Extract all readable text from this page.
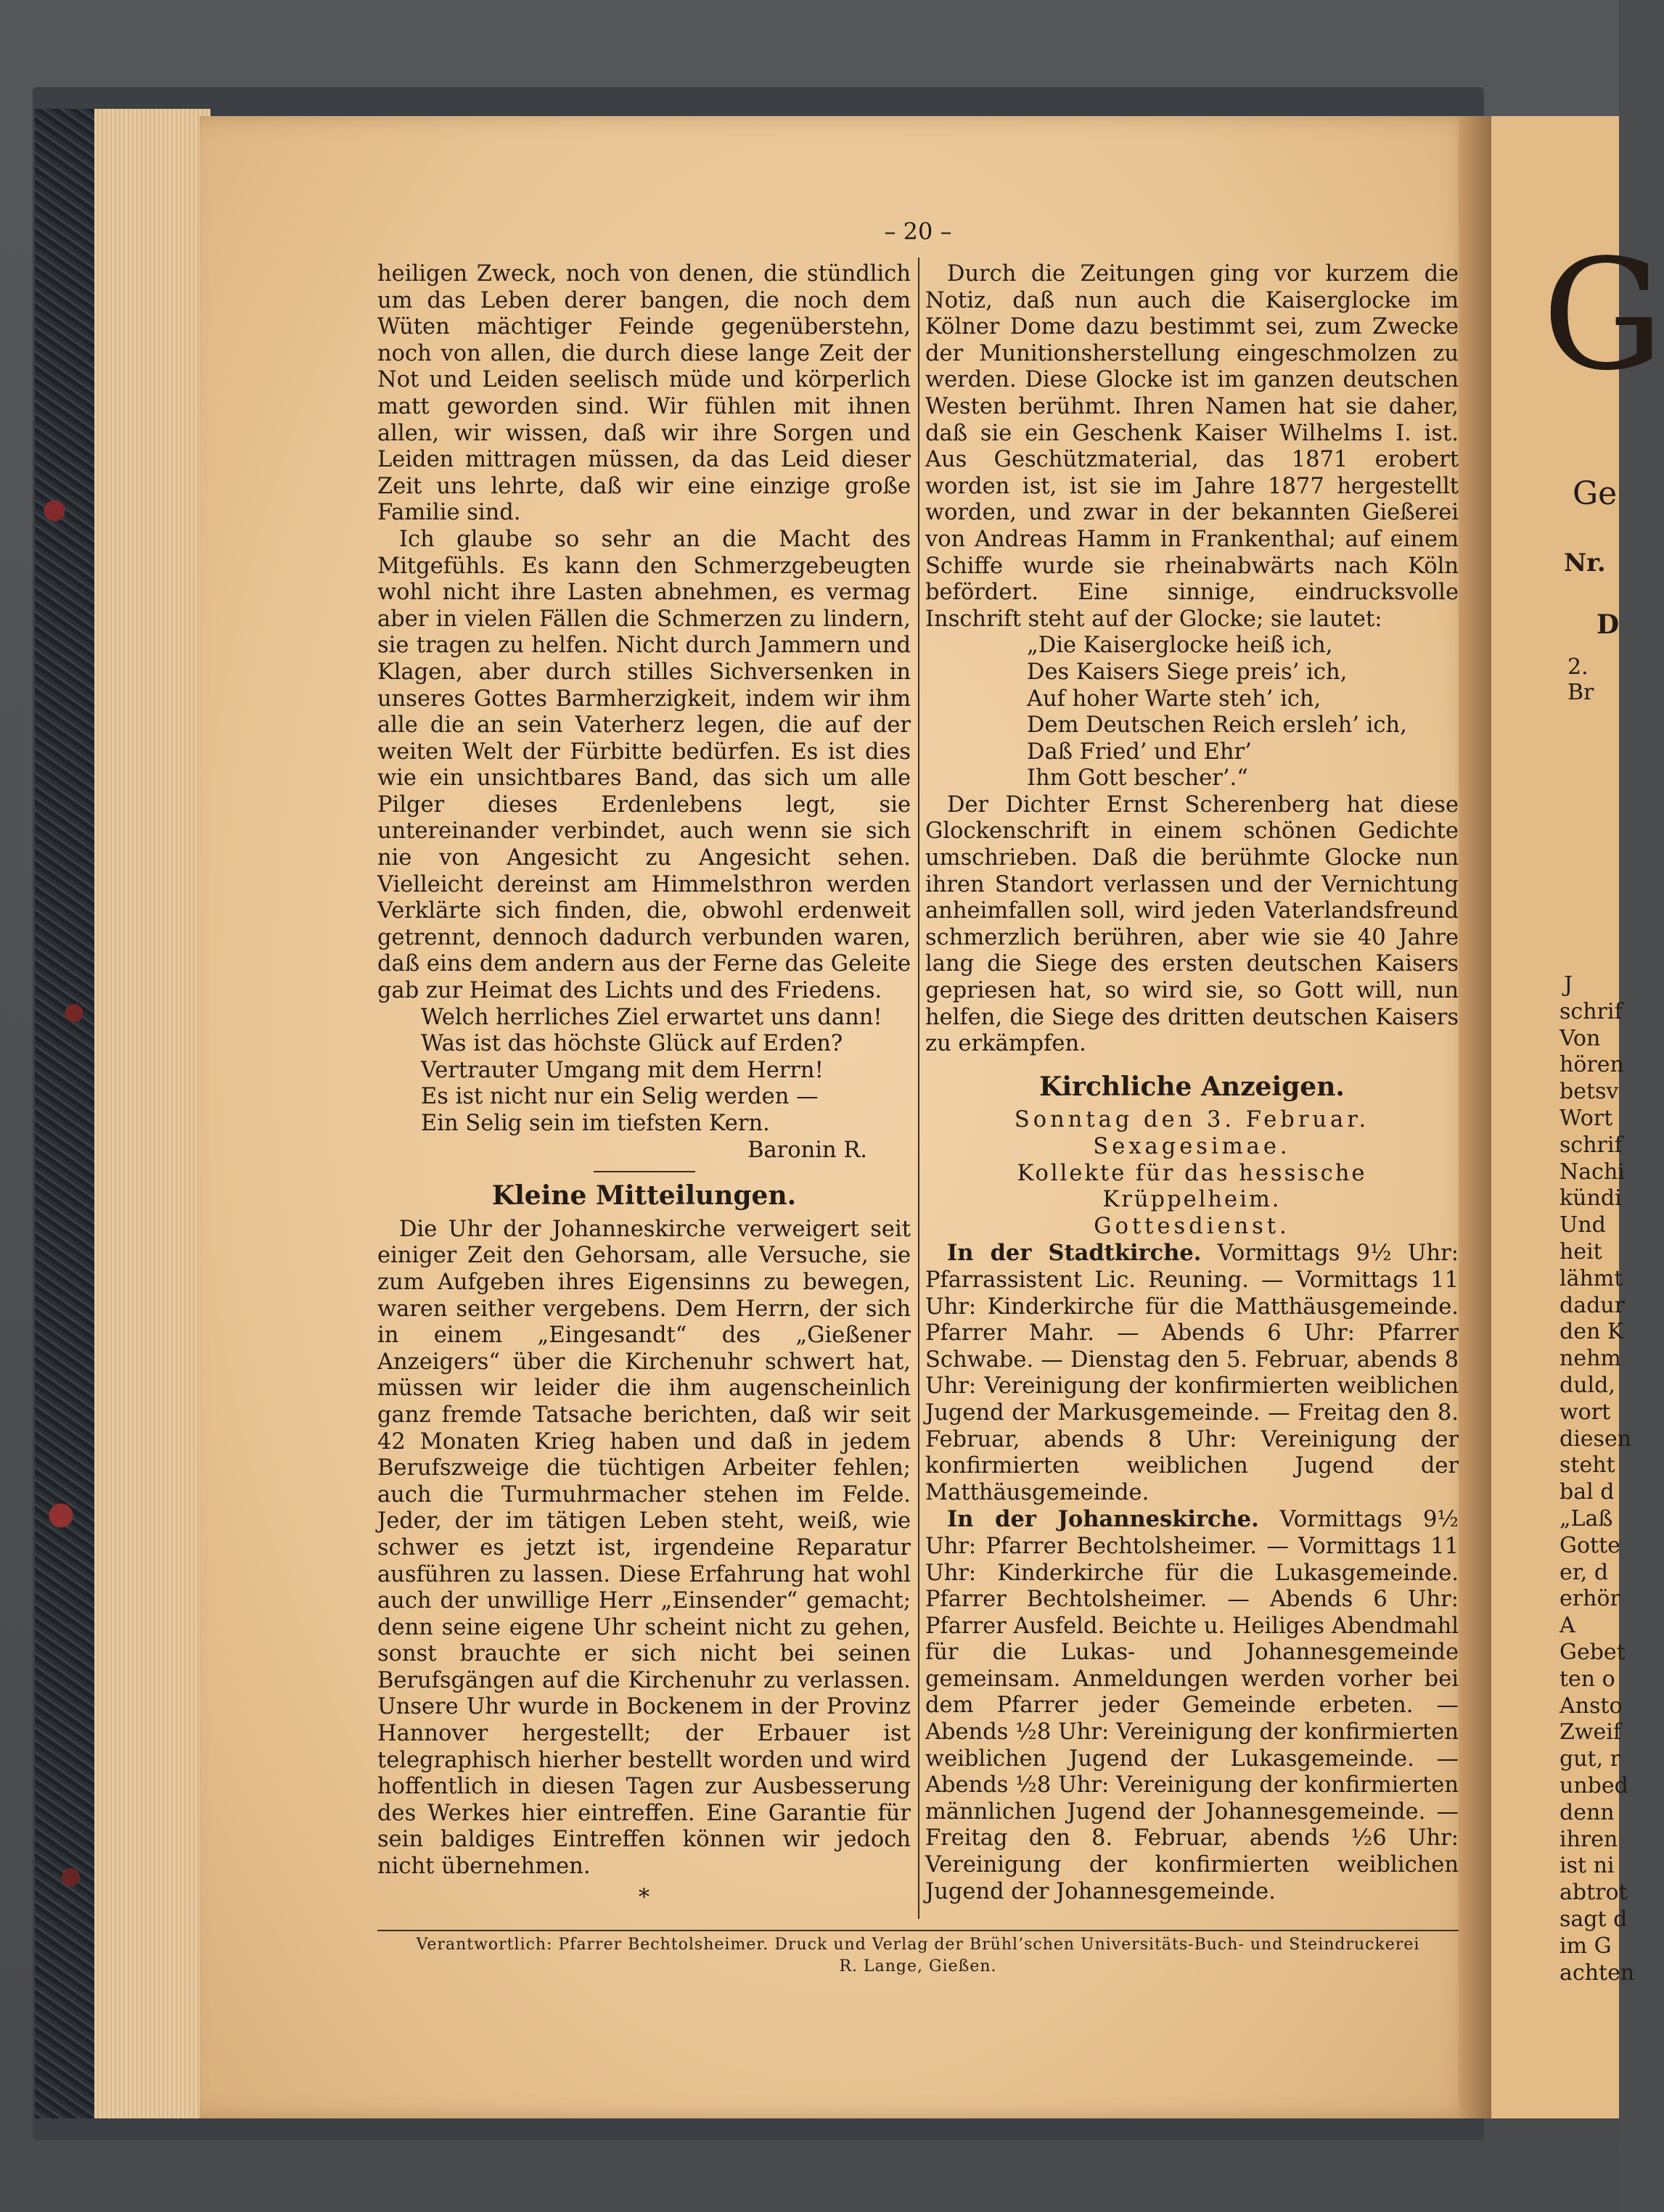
G
Ge
Nr.
D
2. Br
J
schrif
Von
hören
betsv
Wort
schrif
Nachi
kündi
Und
heit
lähmt
dadur
den K
nehm
duld,
wort
diesen
steht
bal d
„Laß
Gotte
er, d
erhör
A
Gebet
ten o
Ansto
Zweif
gut, r
unbed
denn
ihren
ist ni
abtrot
sagt d
im G
achten
– 20 –

heiligen Zweck, noch von denen, die stündlich um das Leben derer bangen, die noch dem Wüten mächtiger Feinde gegenüberstehn, noch von allen, die durch diese lange Zeit der Not und Leiden seelisch müde und körperlich matt geworden sind. Wir fühlen mit ihnen allen, wir wissen, daß wir ihre Sorgen und Leiden mittragen müssen, da das Leid dieser Zeit uns lehrte, daß wir eine einzige große Familie sind.

Ich glaube so sehr an die Macht des Mitgefühls. Es kann den Schmerzgebeugten wohl nicht ihre Lasten abnehmen, es vermag aber in vielen Fällen die Schmerzen zu lindern, sie tragen zu helfen. Nicht durch Jammern und Klagen, aber durch stilles Sichversenken in unseres Gottes Barmherzigkeit, indem wir ihm alle die an sein Vaterherz legen, die auf der weiten Welt der Fürbitte bedürfen. Es ist dies wie ein unsichtbares Band, das sich um alle Pilger dieses Erdenlebens legt, sie untereinander verbindet, auch wenn sie sich nie von Angesicht zu Angesicht sehen. Vielleicht dereinst am Himmelsthron werden Verklärte sich finden, die, obwohl erdenweit getrennt, dennoch dadurch verbunden waren, daß eins dem andern aus der Ferne das Geleite gab zur Heimat des Lichts und des Friedens.

Welch herrliches Ziel erwartet uns dann!
Was ist das höchste Glück auf Erden?
Vertrauter Umgang mit dem Herrn!
Es ist nicht nur ein Selig werden —
Ein Selig sein im tiefsten Kern.
Baronin R.
Kleine Mitteilungen.

Die Uhr der Johanneskirche verweigert seit einiger Zeit den Gehorsam, alle Versuche, sie zum Aufgeben ihres Eigensinns zu bewegen, waren seither vergebens. Dem Herrn, der sich in einem „Eingesandt“ des „Gießener Anzeigers“ über die Kirchenuhr schwert hat, müssen wir leider die ihm augenscheinlich ganz fremde Tatsache berichten, daß wir seit 42 Monaten Krieg haben und daß in jedem Berufszweige die tüchtigen Arbeiter fehlen; auch die Turmuhrmacher stehen im Felde. Jeder, der im tätigen Leben steht, weiß, wie schwer es jetzt ist, irgendeine Reparatur ausführen zu lassen. Diese Erfahrung hat wohl auch der unwillige Herr „Einsender“ gemacht; denn seine eigene Uhr scheint nicht zu gehen, sonst brauchte er sich nicht bei seinen Berufsgängen auf die Kirchenuhr zu verlassen. Unsere Uhr wurde in Bockenem in der Provinz Hannover hergestellt; der Erbauer ist telegraphisch hierher bestellt worden und wird hoffentlich in diesen Tagen zur Ausbesserung des Werkes hier eintreffen. Eine Garantie für sein baldiges Eintreffen können wir jedoch nicht übernehmen.

*

Durch die Zeitungen ging vor kurzem die Notiz, daß nun auch die Kaiserglocke im Kölner Dome dazu bestimmt sei, zum Zwecke der Munitionsherstellung eingeschmolzen zu werden. Diese Glocke ist im ganzen deutschen Westen berühmt. Ihren Namen hat sie daher, daß sie ein Geschenk Kaiser Wilhelms I. ist. Aus Geschützmaterial, das 1871 erobert worden ist, ist sie im Jahre 1877 hergestellt worden, und zwar in der bekannten Gießerei von Andreas Hamm in Frankenthal; auf einem Schiffe wurde sie rheinabwärts nach Köln befördert. Eine sinnige, eindrucksvolle Inschrift steht auf der Glocke; sie lautet:

„Die Kaiserglocke heiß ich,
Des Kaisers Siege preis’ ich,
Auf hoher Warte steh’ ich,
Dem Deutschen Reich ersleh’ ich,
Daß Fried’ und Ehr’
Ihm Gott bescher’.“

Der Dichter Ernst Scherenberg hat diese Glockenschrift in einem schönen Gedichte umschrieben. Daß die berühmte Glocke nun ihren Standort verlassen und der Vernichtung anheimfallen soll, wird jeden Vaterlandsfreund schmerzlich berühren, aber wie sie 40 Jahre lang die Siege des ersten deutschen Kaisers gepriesen hat, so wird sie, so Gott will, nun helfen, die Siege des dritten deutschen Kaisers zu erkämpfen.

Kirchliche Anzeigen.
Sonntag den 3. Februar.
Sexagesimae.
Kollekte für das hessische Krüppelheim.
Gottesdienst.

In der Stadtkirche. Vormittags 9½ Uhr: Pfarrassistent Lic. Reuning. — Vormittags 11 Uhr: Kinderkirche für die Matthäusgemeinde. Pfarrer Mahr. — Abends 6 Uhr: Pfarrer Schwabe. — Dienstag den 5. Februar, abends 8 Uhr: Vereinigung der konfirmierten weiblichen Jugend der Markusgemeinde. — Freitag den 8. Februar, abends 8 Uhr: Vereinigung der konfirmierten weiblichen Jugend der Matthäusgemeinde.

In der Johanneskirche. Vormittags 9½ Uhr: Pfarrer Bechtolsheimer. — Vormittags 11 Uhr: Kinderkirche für die Lukasgemeinde. Pfarrer Bechtolsheimer. — Abends 6 Uhr: Pfarrer Ausfeld. Beichte u. Heiliges Abendmahl für die Lukas- und Johannesgemeinde gemeinsam. Anmeldungen werden vorher bei dem Pfarrer jeder Gemeinde erbeten. — Abends ½8 Uhr: Vereinigung der konfirmierten weiblichen Jugend der Lukasgemeinde. — Abends ½8 Uhr: Vereinigung der konfirmierten männlichen Jugend der Johannesgemeinde. — Freitag den 8. Februar, abends ½6 Uhr: Vereinigung der konfirmierten weiblichen Jugend der Johannesgemeinde.

Verantwortlich: Pfarrer Bechtolsheimer. Druck und Verlag der Brühl’schen Universitäts-Buch- und Steindruckerei
R. Lange, Gießen.
